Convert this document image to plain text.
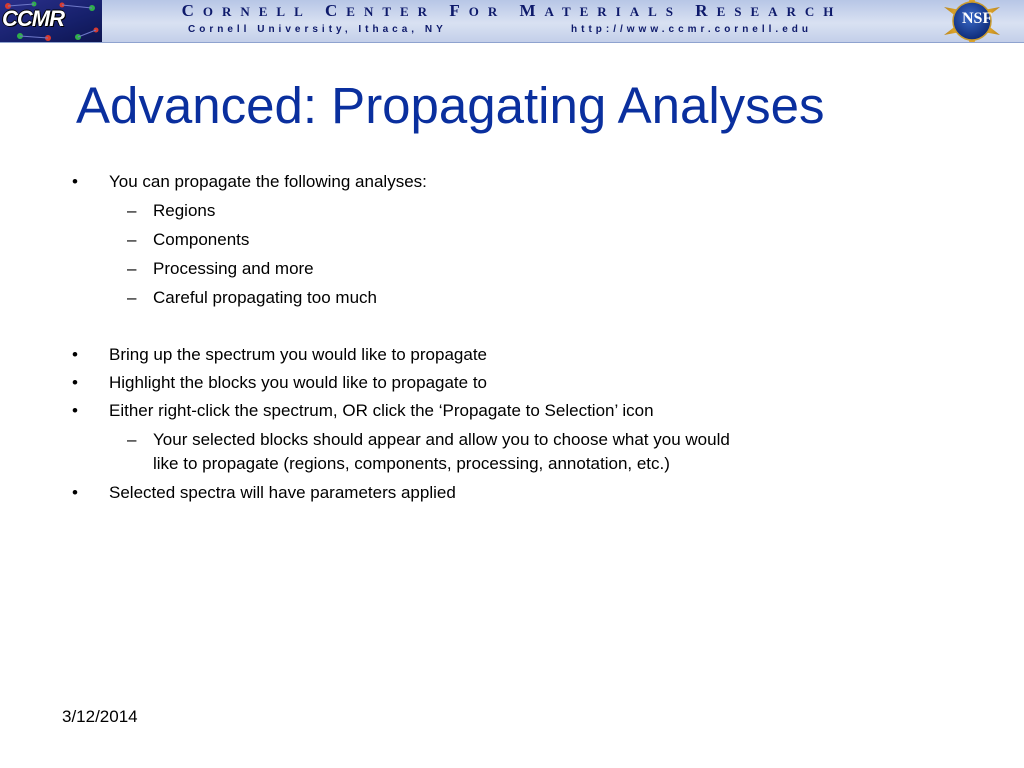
CCMR	CORNELL CENTER FOR MATERIALS RESEARCH
Cornell University, Ithaca, NY	http://www.ccmr.cornell.edu
NSF
Advanced: Propagating Analyses
• You can propagate the following analyses:
– Regions
– Components
– Processing and more
– Careful propagating too much
• Bring up the spectrum you would like to propagate
• Highlight the blocks you would like to propagate to
• Either right-click the spectrum, OR click the ‘Propagate to Selection’ icon
– Your selected blocks should appear and allow you to choose what you would
like to propagate (regions, components, processing, annotation, etc.)
• Selected spectra will have parameters applied
3/12/2014
